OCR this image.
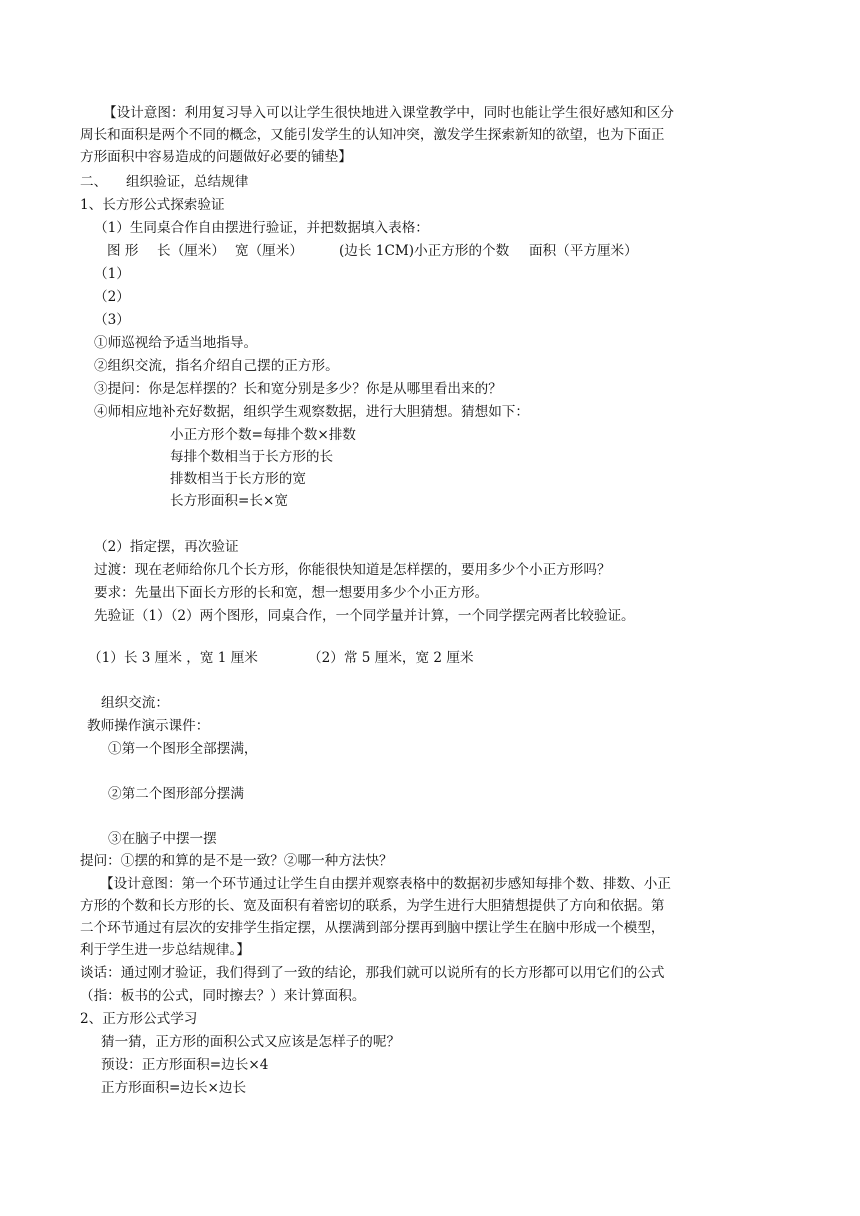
【设计意图：利用复习导入可以让学生很快地进入课堂教学中，同时也能让学生很好感知和区分
周长和面积是两个不同的概念，又能引发学生的认知冲突，激发学生探索新知的欲望，也为下面正
方形面积中容易造成的问题做好必要的铺垫】
二、 组织验证，总结规律
1、长方形公式探索验证
（1）生同桌合作自由摆进行验证，并把数据填入表格：
图 形 长（厘米） 宽（厘米）	(边长 1CM)小正方形的个数 面积（平方厘米）
（1）
（2）
（3）
①师巡视给予适当地指导。
②组织交流，指名介绍自己摆的正方形。
③提问：你是怎样摆的？长和宽分别是多少？你是从哪里看出来的？
④师相应地补充好数据，组织学生观察数据，进行大胆猜想。猜想如下：
小正方形个数=每排个数×排数
每排个数相当于长方形的长
排数相当于长方形的宽
长方形面积=长×宽
（2）指定摆，再次验证
过渡：现在老师给你几个长方形，你能很快知道是怎样摆的，要用多少个小正方形吗？
要求：先量出下面长方形的长和宽，想一想要用多少个小正方形。
先验证（1）（2）两个图形，同桌合作，一个同学量并计算，一个同学摆完两者比较验证。
（1）长 3 厘米 ，宽 1 厘米	（2）常 5 厘米，宽 2 厘米
组织交流：
教师操作演示课件：
①第一个图形全部摆满，
②第二个图形部分摆满
③在脑子中摆一摆
提问：①摆的和算的是不是一致？②哪一种方法快？
【设计意图：第一个环节通过让学生自由摆并观察表格中的数据初步感知每排个数、排数、小正
方形的个数和长方形的长、宽及面积有着密切的联系，为学生进行大胆猜想提供了方向和依据。第
二个环节通过有层次的安排学生指定摆，从摆满到部分摆再到脑中摆让学生在脑中形成一个模型，
利于学生进一步总结规律。】
谈话：通过刚才验证，我们得到了一致的结论，那我们就可以说所有的长方形都可以用它们的公式
（指：板书的公式，同时擦去？）来计算面积。
2、正方形公式学习
猜一猜，正方形的面积公式又应该是怎样子的呢？
预设：正方形面积=边长×4
正方形面积=边长×边长
